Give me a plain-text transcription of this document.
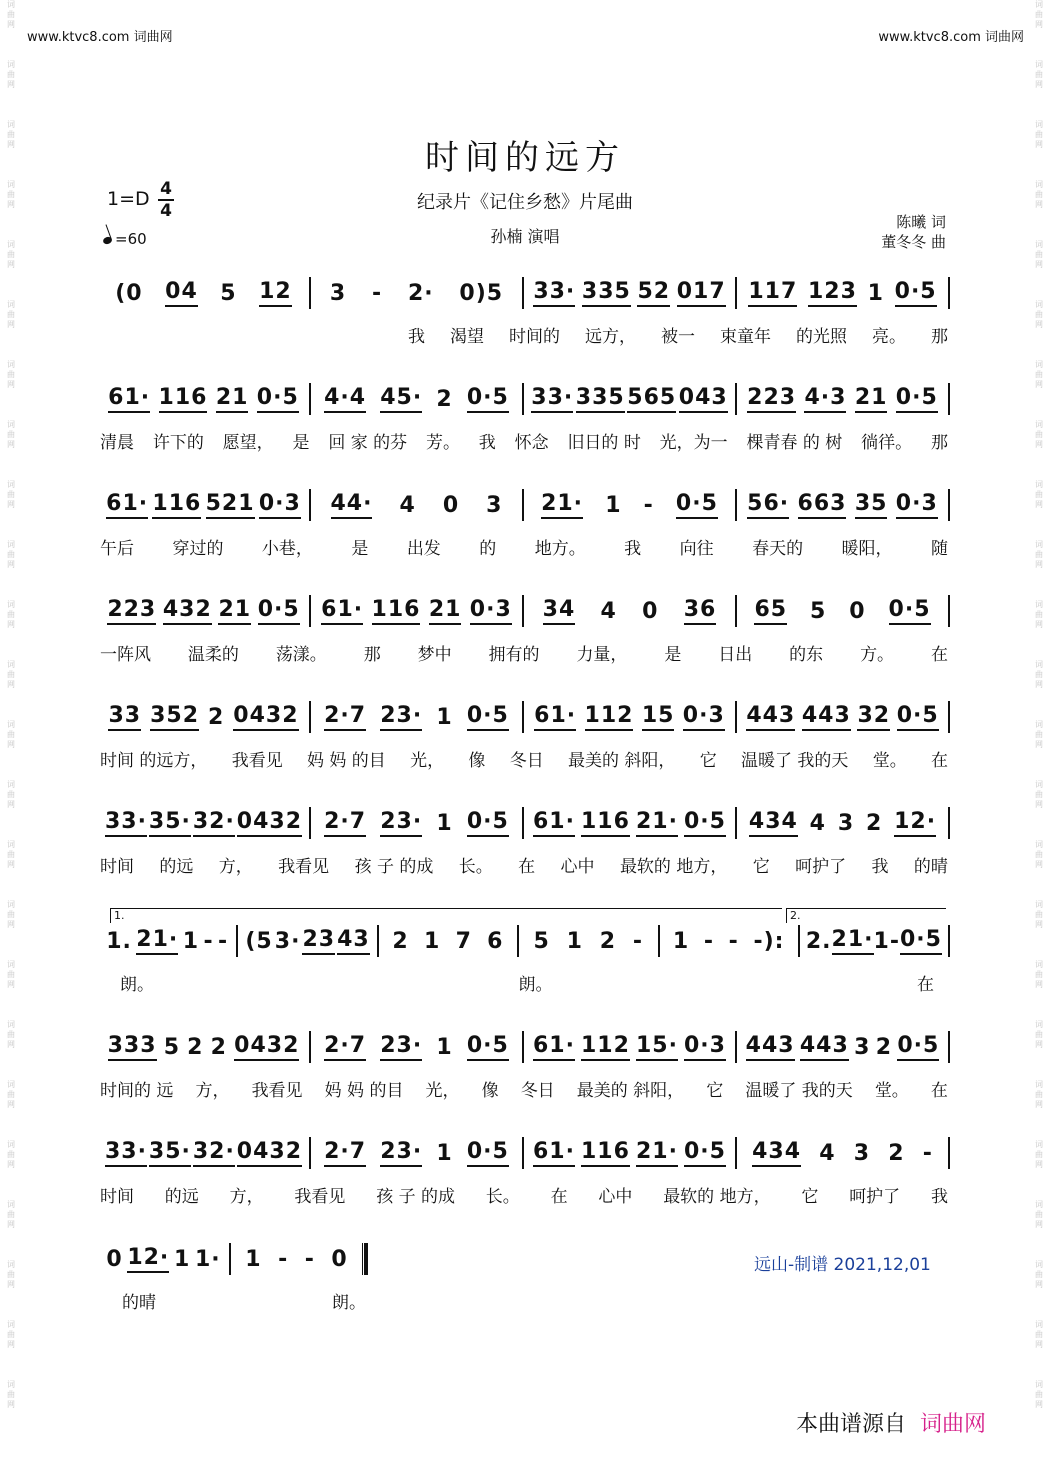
词
曲
网
词
曲
网
词
曲
网
词
曲
网
词
曲
网
词
曲
网
词
曲
网
词
曲
网
词
曲
网
词
曲
网
词
曲
网
词
曲
网
词
曲
网
词
曲
网
词
曲
网
词
曲
网
词
曲
网
词
曲
网
词
曲
网
词
曲
网
词
曲
网
词
曲
网
词
曲
网
词
曲
网
词
曲
网
词
曲
网
词
曲
网
词
曲
网
词
曲
网
词
曲
网
词
曲
网
词
曲
网
词
曲
网
词
曲
网
词
曲
网
词
曲
网
词
曲
网
词
曲
网
词
曲
网
词
曲
网
词
曲
网
词
曲
网
词
曲
网
词
曲
网
词
曲
网
词
曲
网
词
曲
网
词
曲
网
www.ktvc8.com 词曲网	www.ktvc8.com 词曲网
时间的远方
纪录片《记住乡愁》片尾曲
孙楠 演唱
1=D 4
4
=60
陈曦 词
董冬冬 曲
(0 04 5 12 3 - 2· 0)5 33· 335 52 017 117 123 1 0·5
我 渴望 时间的 远方， 被一 束童年 的光照 亮。 那
61· 116 21 0·5 4·4 45· 2 0·5 33· 335 565 043 223 4·3 21 0·5
清晨 许下的 愿望， 是 回 家 的芬 芳。 我 怀念 旧日的 时 光，为一 棵青春 的 树 徜徉。 那
61· 116 521 0·3 44· 4 0 3 21· 1 - 0·5 56· 663 35 0·3
午后 穿过的 小巷， 是 出发 的 地方。 我 向往 春天的 暖阳， 随
223 432 21 0·5 61· 116 21 0·3 34 4 0 36 65 5 0 0·5
一阵风 温柔的 荡漾。 那 梦中 拥有的 力量， 是 日出 的东 方。 在
33 352 2 0432 2·7 23· 1 0·5 61· 112 15 0·3 443 443 32 0·5
时间 的远方， 我看见 妈 妈 的目 光， 像 冬日 最美的 斜阳， 它 温暖了 我的天 堂。 在
33· 35· 32· 0432 2·7 23· 1 0·5 61· 116 21· 0·5 434 4 3 2 12·
时间 的远 方， 我看见 孩 子 的成 长。 在 心中 最软的 地方， 它 呵护了 我 的晴
1. 21· 1 - - (5 3· 23 43 2 1 7 6 5 1 2 - 1 - - -): 2. 21· 1 - 0·5
朗。	朗。	在
333 5 2 2 0432 2·7 23· 1 0·5 61· 112 15· 0·3 443 443 3 2 0·5
时间的 远 方， 我看见 妈 妈 的目 光， 像 冬日 最美的 斜阳， 它 温暖了 我的天 堂。 在
33· 35· 32· 0432 2·7 23· 1 0·5 61· 116 21· 0·5 434 4 3 2 -
时间 的远 方， 我看见 孩 子 的成 长。 在 心中 最软的 地方， 它 呵护了 我
0 12· 1 1· 1 - - 0
的晴	朗。
远山-制谱 2021,12,01
本曲谱源自 词曲网
1.	2.
